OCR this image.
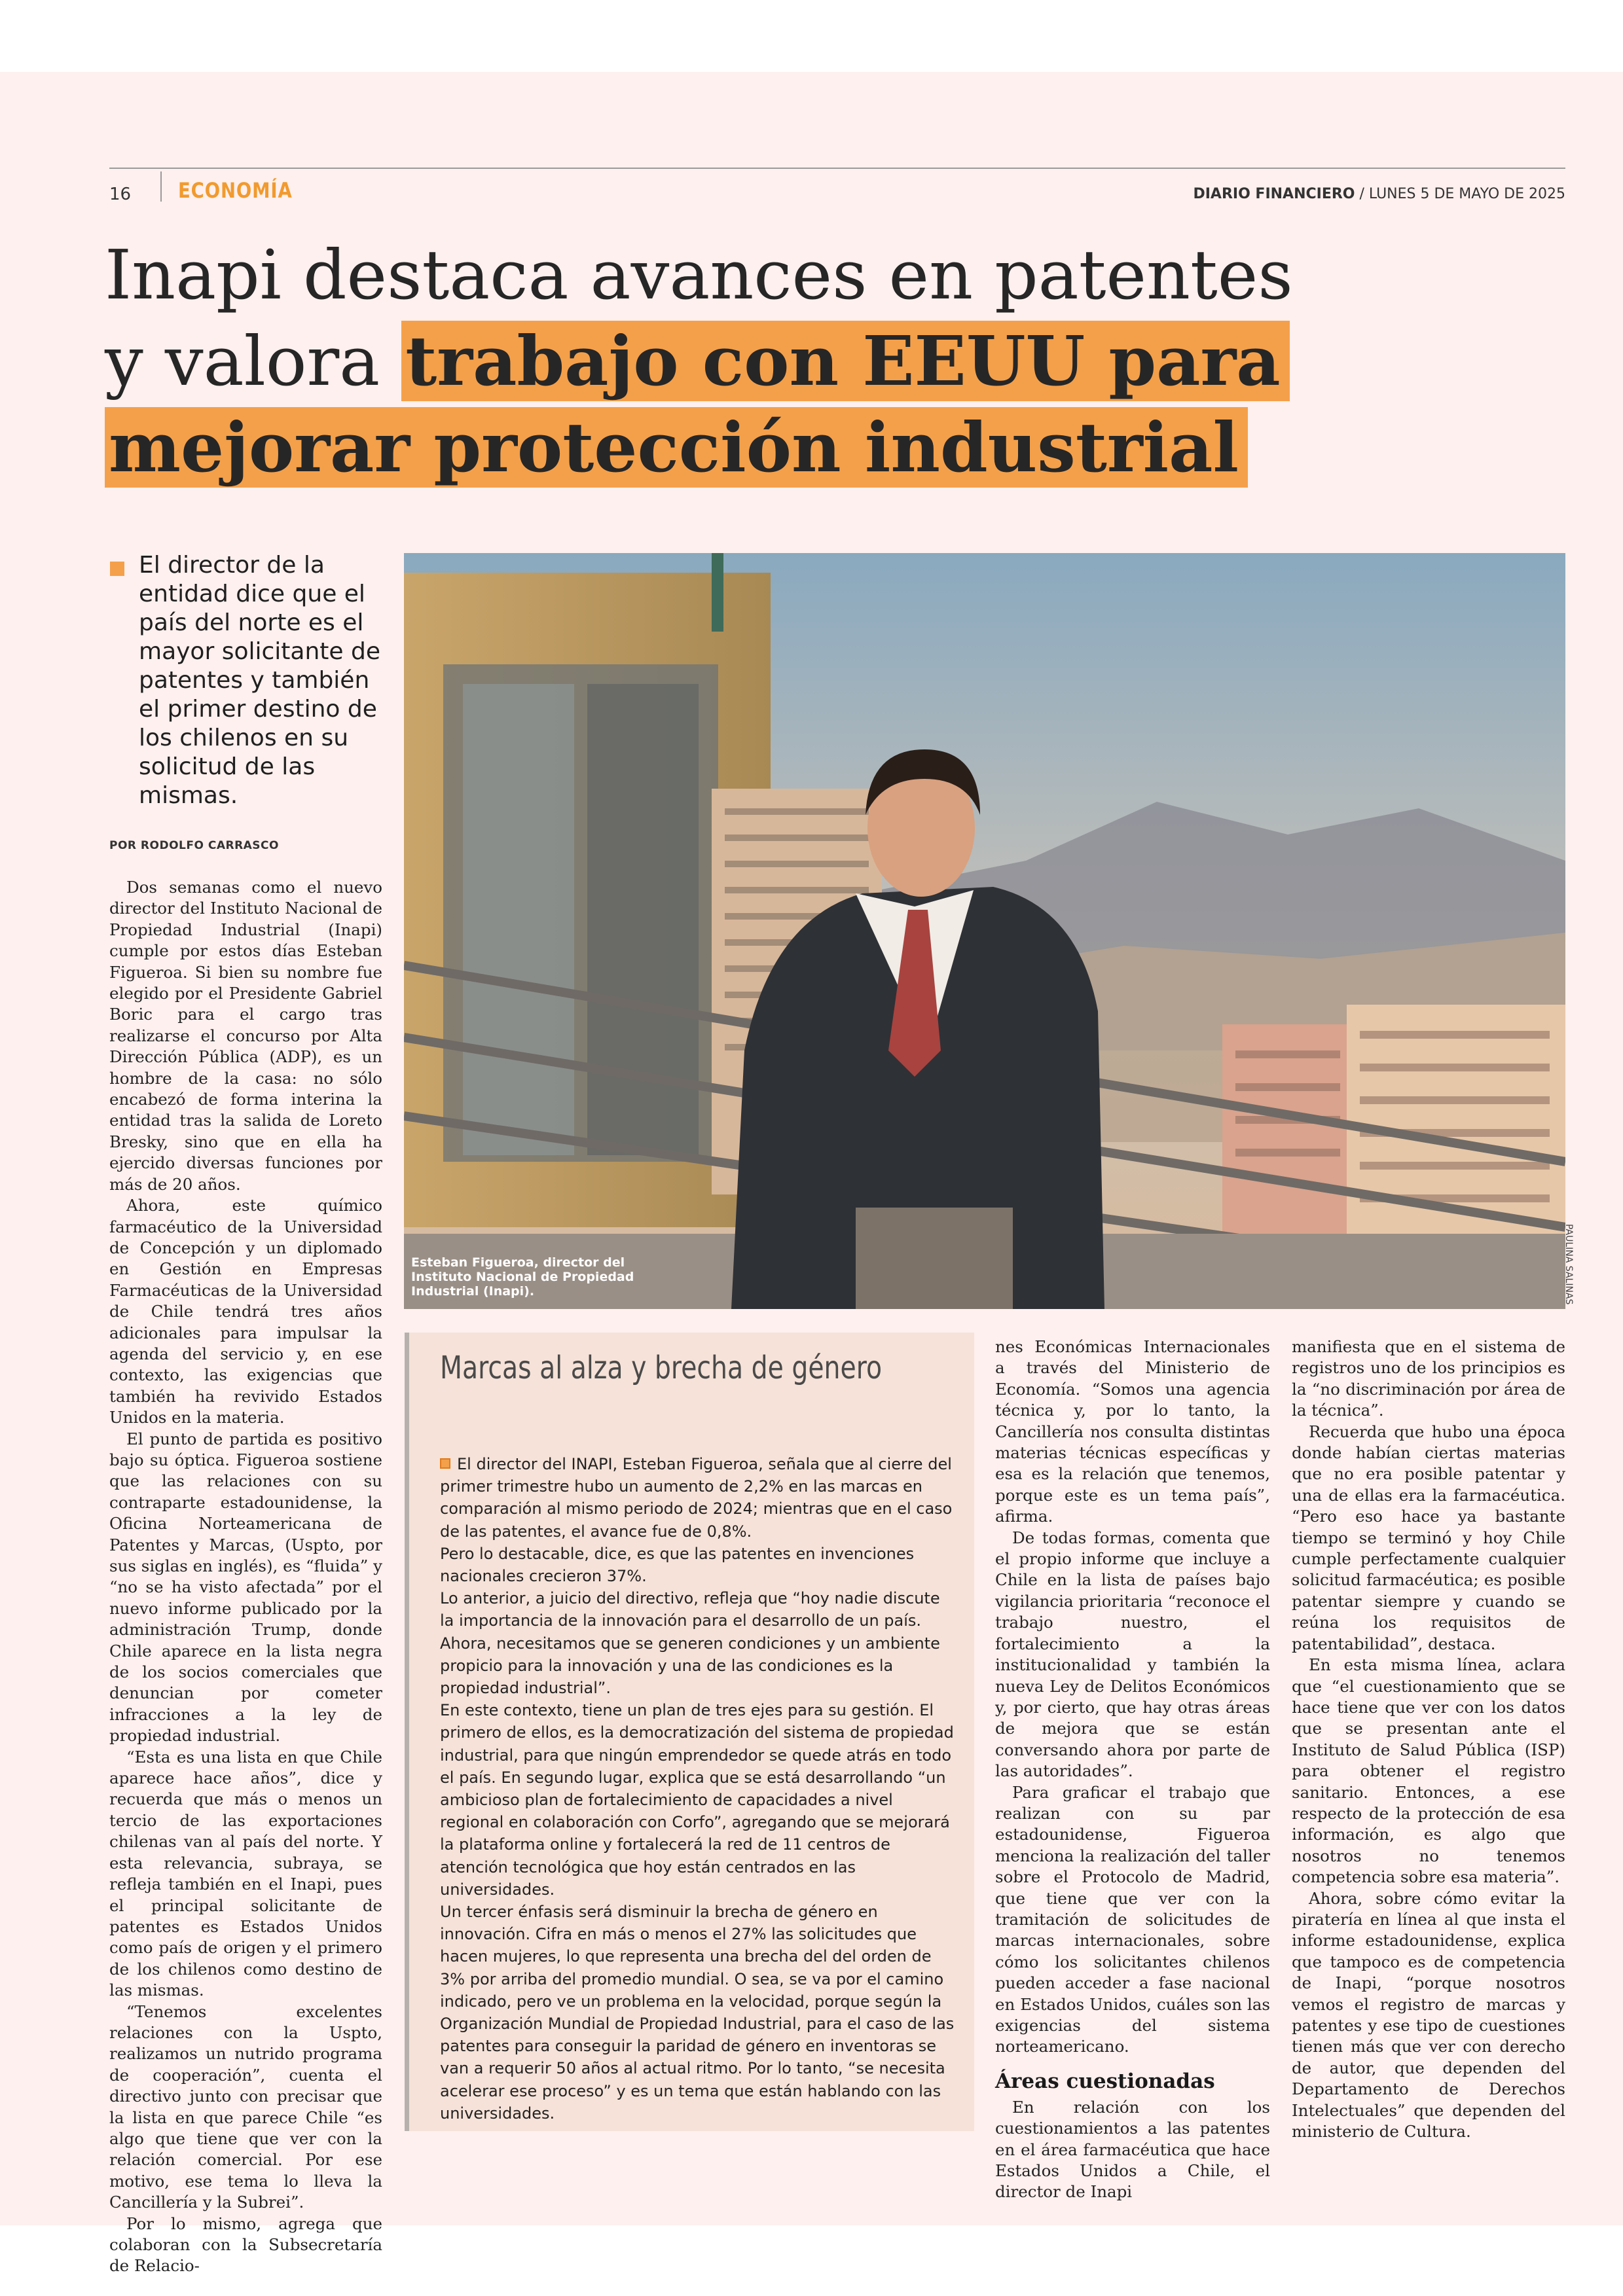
16 ECONOMÍA	DIARIO FINANCIERO / LUNES 5 DE MAYO DE 2025
Inapi destaca avances en patentes
y valora trabajo con EEUU para
mejorar protección industrial
El director de la entidad dice que el país del norte es el mayor solicitante de patentes y también el primer destino de los chilenos en su solicitud de las mismas.
POR RODOLFO CARRASCO
Esteban Figueroa, director del Instituto Nacional de Propiedad Industrial (Inapi).	PAULINA SALINAS

Dos semanas como el nuevo director del Instituto Nacional de Propiedad Industrial (Inapi) cumple por estos días Esteban Figueroa. Si bien su nombre fue elegido por el Presidente Gabriel Boric para el cargo tras realizarse el concurso por Alta Dirección Pública (ADP), es un hombre de la casa: no sólo encabezó de forma interina la entidad tras la salida de Loreto Bresky, sino que en ella ha ejercido diversas funciones por más de 20 años.

Ahora, este químico farmacéutico de la Universidad de Concepción y un diplomado en Gestión en Empresas Farmacéuticas de la Universidad de Chile tendrá tres años adicionales para impulsar la agenda del servicio y, en ese contexto, las exigencias que también ha revivido Estados Unidos en la materia.

El punto de partida es positivo bajo su óptica. Figueroa sostiene que las relaciones con su contraparte estadounidense, la Oficina Norteamericana de Patentes y Marcas, (Uspto, por sus siglas en inglés), es “fluida” y “no se ha visto afectada” por el nuevo informe publicado por la administración Trump, donde Chile aparece en la lista negra de los socios comerciales que denuncian por cometer infracciones a la ley de propiedad industrial.

“Esta es una lista en que Chile aparece hace años”, dice y recuerda que más o menos un tercio de las exportaciones chilenas van al país del norte. Y esta relevancia, subraya, se refleja también en el Inapi, pues el principal solicitante de patentes es Estados Unidos como país de origen y el primero de los chilenos como destino de las mismas.

“Tenemos excelentes relaciones con la Uspto, realizamos un nutrido programa de cooperación”, cuenta el directivo junto con precisar que la lista en que parece Chile “es algo que tiene que ver con la relación comercial. Por ese motivo, ese tema lo lleva la Cancillería y la Subrei”.

Por lo mismo, agrega que colaboran con la Subsecretaría de Relacio-

Marcas al alza y brecha de género

El director del INAPI, Esteban Figueroa, señala que al cierre del primer trimestre hubo un aumento de 2,2% en las marcas en comparación al mismo periodo de 2024; mientras que en el caso de las patentes, el avance fue de 0,8%.

Pero lo destacable, dice, es que las patentes en invenciones nacionales crecieron 37%.

Lo anterior, a juicio del directivo, refleja que “hoy nadie discute la importancia de la innovación para el desarrollo de un país. Ahora, necesitamos que se generen condiciones y un ambiente propicio para la innovación y una de las condiciones es la propiedad industrial”.

En este contexto, tiene un plan de tres ejes para su gestión. El primero de ellos, es la democratización del sistema de propiedad industrial, para que ningún emprendedor se quede atrás en todo el país. En segundo lugar, explica que se está desarrollando “un ambicioso plan de fortalecimiento de capacidades a nivel regional en colaboración con Corfo”, agregando que se mejorará la plataforma online y fortalecerá la red de 11 centros de atención tecnológica que hoy están centrados en las universidades.

Un tercer énfasis será disminuir la brecha de género en innovación. Cifra en más o menos el 27% las solicitudes que hacen mujeres, lo que representa una brecha del del orden de 3% por arriba del promedio mundial. O sea, se va por el camino indicado, pero ve un problema en la velocidad, porque según la Organización Mundial de Propiedad Industrial, para el caso de las patentes para conseguir la paridad de género en inventoras se van a requerir 50 años al actual ritmo. Por lo tanto, “se necesita acelerar ese proceso” y es un tema que están hablando con las universidades.

nes Económicas Internacionales a través del Ministerio de Economía. “Somos una agencia técnica y, por lo tanto, la Cancillería nos consulta distintas materias técnicas específicas y esa es la relación que tenemos, porque este es un tema país”, afirma.

De todas formas, comenta que el propio informe que incluye a Chile en la lista de países bajo vigilancia prioritaria “reconoce el trabajo nuestro, el fortalecimiento a la institucionalidad y también la nueva Ley de Delitos Económicos y, por cierto, que hay otras áreas de mejora que se están conversando ahora por parte de las autoridades”.

Para graficar el trabajo que realizan con su par estadounidense, Figueroa menciona la realización del taller sobre el Protocolo de Madrid, que tiene que ver con la tramitación de solicitudes de marcas internacionales, sobre cómo los solicitantes chilenos pueden acceder a fase nacional en Estados Unidos, cuáles son las exigencias del sistema norteamericano.

Áreas cuestionadas

En relación con los cuestionamientos a las patentes en el área farmacéutica que hace Estados Unidos a Chile, el director de Inapi

manifiesta que en el sistema de registros uno de los principios es la “no discriminación por área de la técnica”.

Recuerda que hubo una época donde habían ciertas materias que no era posible patentar y una de ellas era la farmacéutica. “Pero eso hace ya bastante tiempo se terminó y hoy Chile cumple perfectamente cualquier solicitud farmacéutica; es posible patentar siempre y cuando se reúna los requisitos de patentabilidad”, destaca.

En esta misma línea, aclara que “el cuestionamiento que se hace tiene que ver con los datos que se presentan ante el Instituto de Salud Pública (ISP) para obtener el registro sanitario. Entonces, a ese respecto de la protección de esa información, es algo que nosotros no tenemos competencia sobre esa materia”.

Ahora, sobre cómo evitar la piratería en línea al que insta el informe estadounidense, explica que tampoco es de competencia de Inapi, “porque nosotros vemos el registro de marcas y patentes y ese tipo de cuestiones tienen más que ver con derecho de autor, que dependen del Departamento de Derechos Intelectuales” que dependen del ministerio de Cultura.
